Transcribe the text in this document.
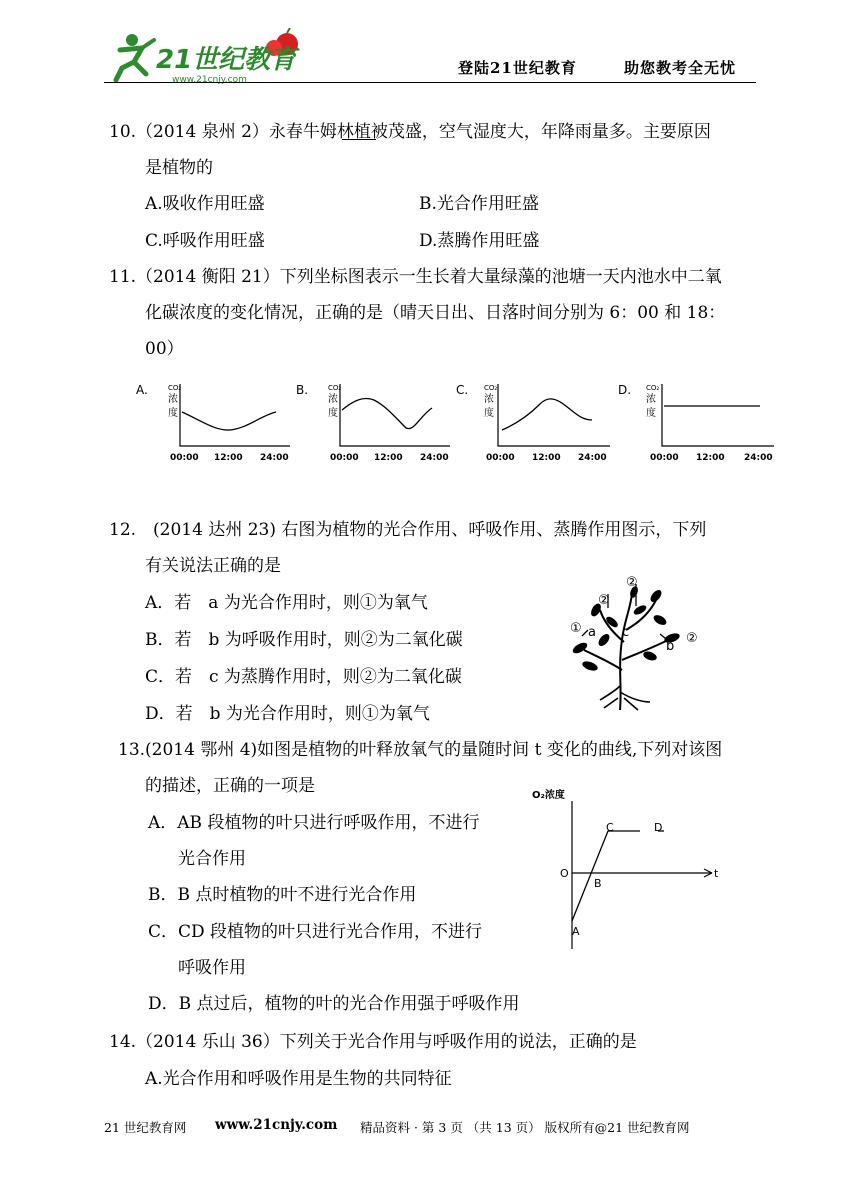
21世纪教育
www.21cnjy.com
登陆21世纪教育	助您教考全无忧
10.（2014 泉州 2）永春牛姆林植被茂盛，空气湿度大，年降雨量多。主要原因
是植物的
A.吸收作用旺盛	B.光合作用旺盛
C.呼吸作用旺盛	D.蒸腾作用旺盛
11.（2014 衡阳 21）下列坐标图表示一生长着大量绿藻的池塘一天内池水中二氧
化碳浓度的变化情况，正确的是（晴天日出、日落时间分别为 6：00 和 18：
00）
A.	CO₂
浓
度
00:00 12:00 24:00
B.	CO₂
浓
度
00:00 12:00 24:00
C. CO₂
浓
度
00:00 12:00 24:00
D. CO₂
浓
度
00:00 12:00 24:00
12.　(2014 达州 23) 右图为植物的光合作用、呼吸作用、蒸腾作用图示，下列
有关说法正确的是
A．若　a 为光合作用时，则①为氧气
B．若　b 为呼吸作用时，则②为二氧化碳
C．若　c 为蒸腾作用时，则②为二氧化碳
D．若　b 为光合作用时，则①为氧气
① a
②
c
②
b
②
13.(2014 鄂州 4)如图是植物的叶释放氧气的量随时间 t 变化的曲线,下列对该图
的描述，正确的一项是
A．AB 段植物的叶只进行呼吸作用，不进行
光合作用
B．B 点时植物的叶不进行光合作用
C．CD 段植物的叶只进行光合作用，不进行
呼吸作用
D．B 点过后，植物的叶的光合作用强于呼吸作用
O₂浓度
O	t
A
B
C	D
14.（2014 乐山 36）下列关于光合作用与呼吸作用的说法，正确的是
A.光合作用和呼吸作用是生物的共同特征
21 世纪教育网 www.21cnjy.com 精品资料 · 第 3 页 （共 13 页） 版权所有@21 世纪教育网
